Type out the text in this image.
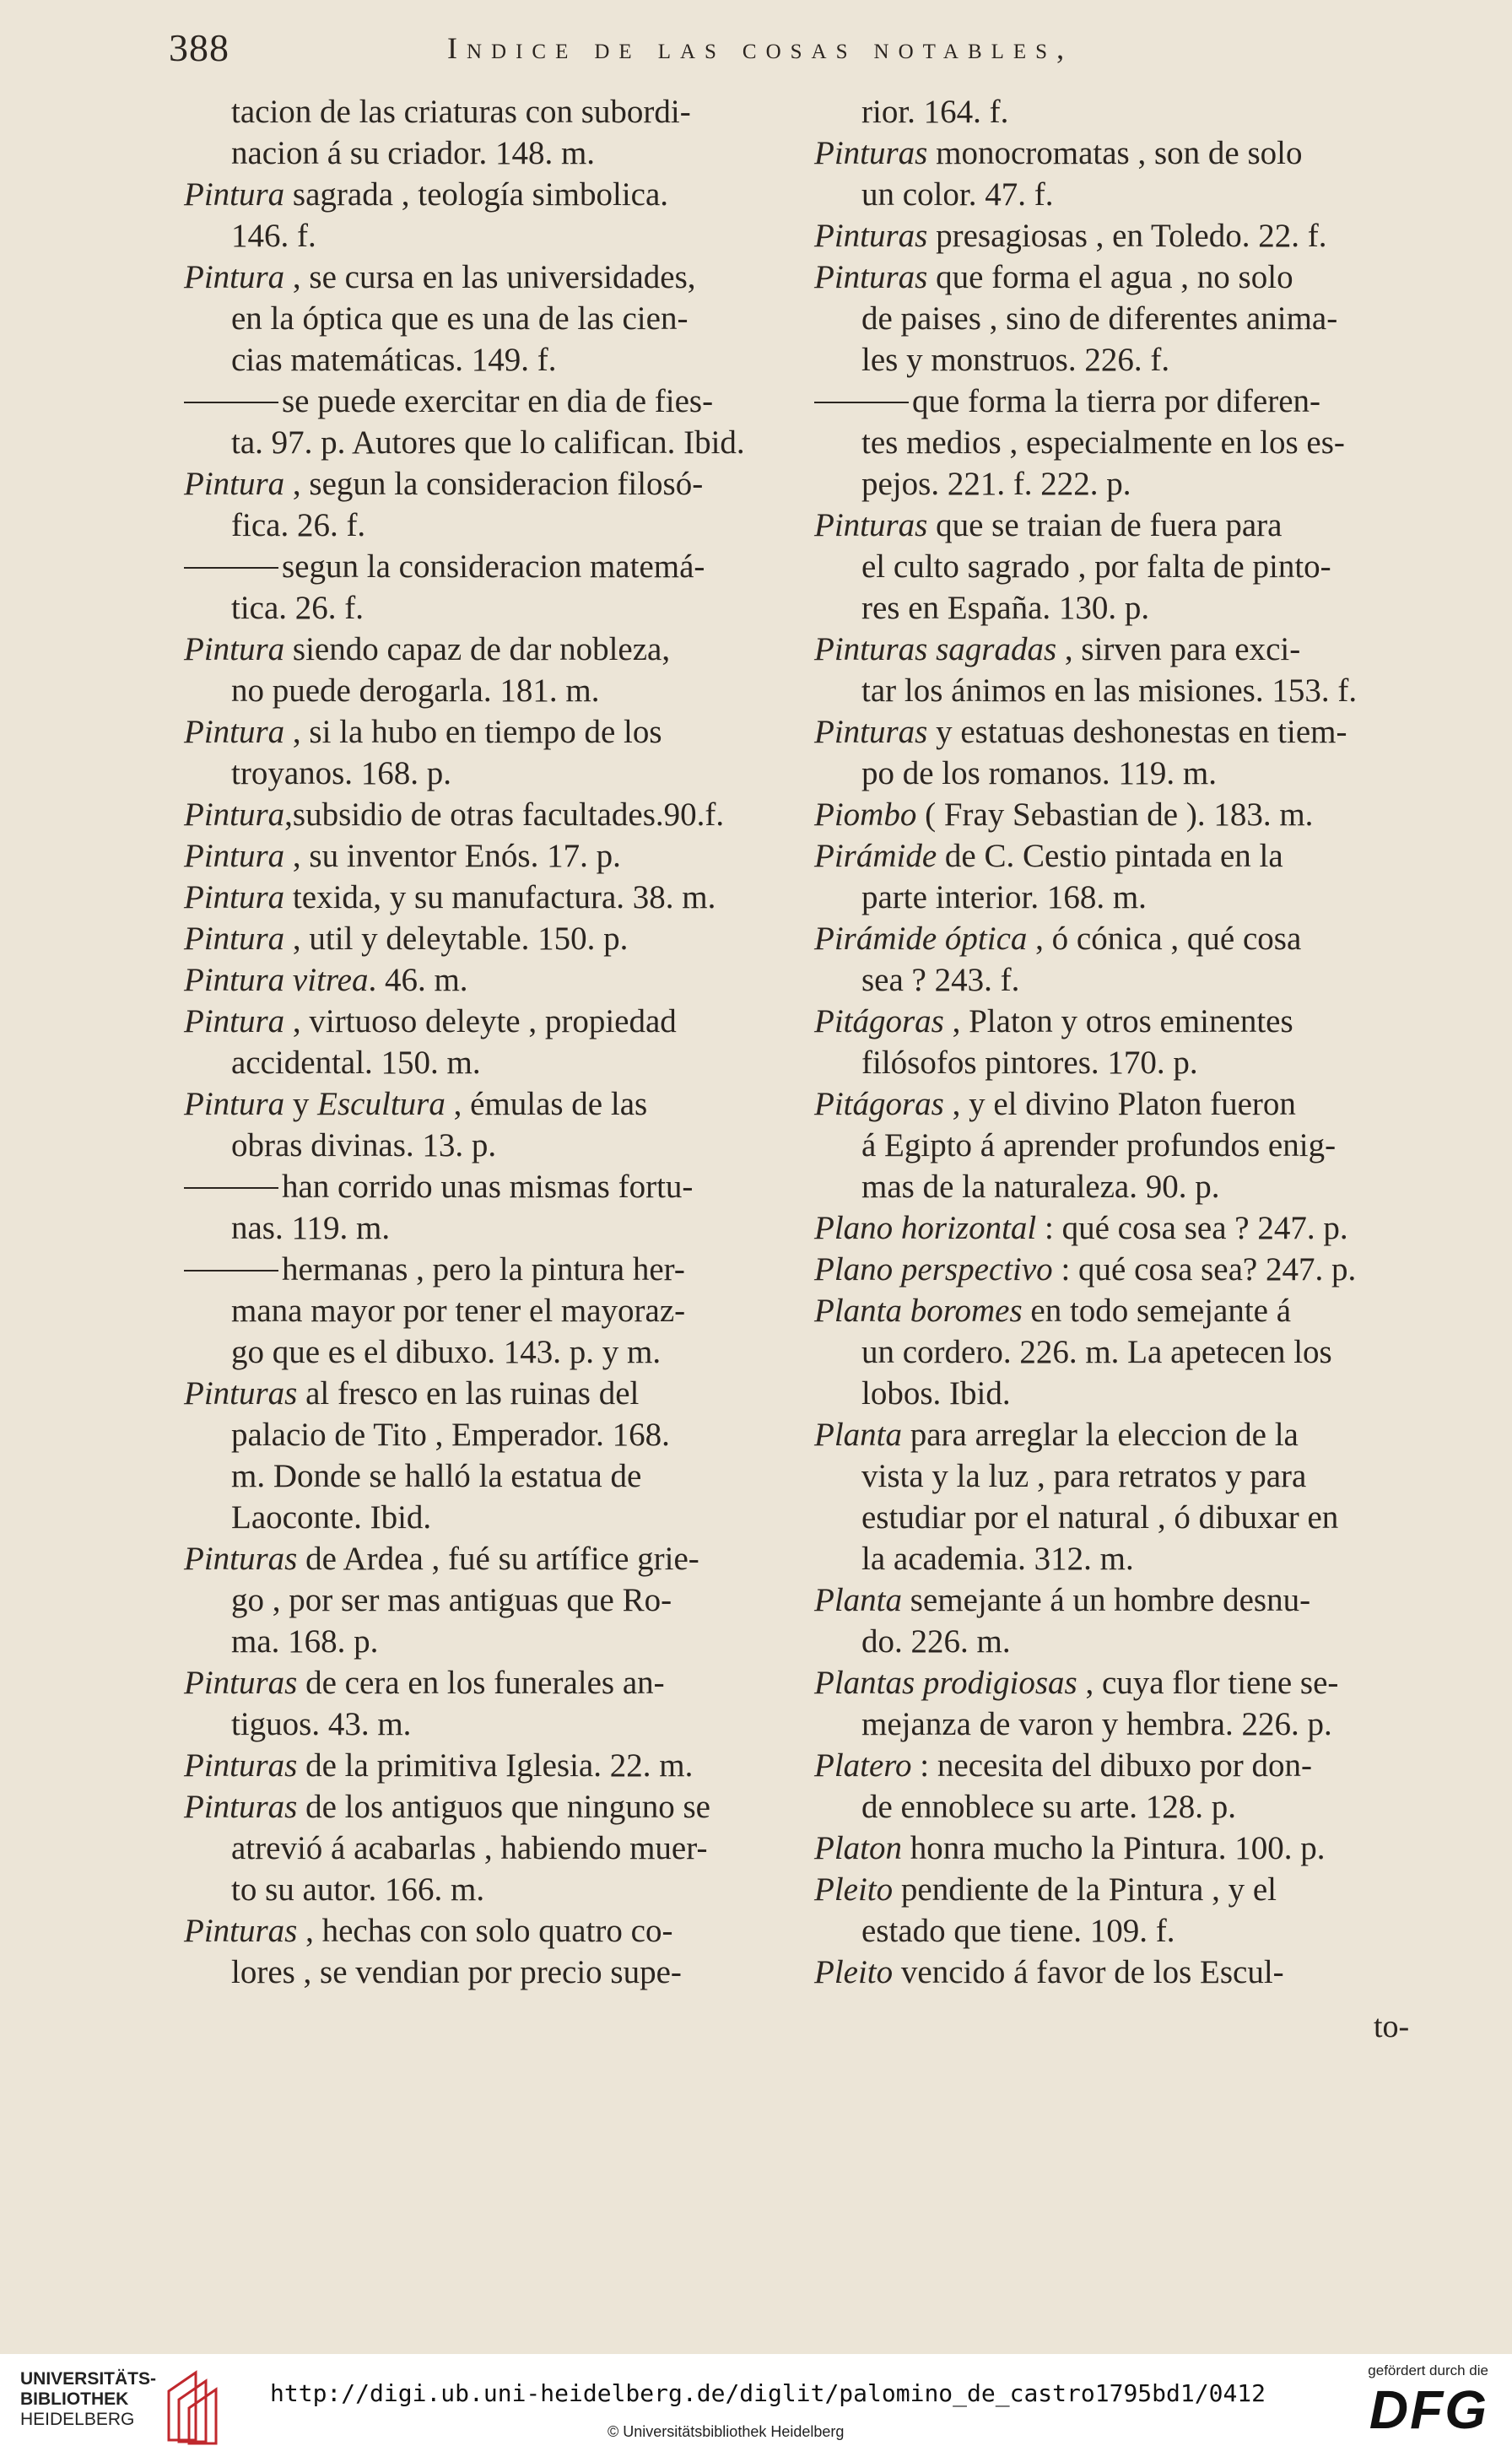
388	Indice de las cosas notables,
tacion de las criaturas con subordi-
nacion á su criador. 148. m.
Pintura sagrada , teología simbolica.
146. f.
Pintura , se cursa en las universidades,
en la óptica que es una de las cien-
cias matemáticas. 149. f.
se puede exercitar en dia de fies-
ta. 97. p. Autores que lo califican. Ibid.
Pintura , segun la consideracion filosó-
fica. 26. f.
segun la consideracion matemá-
tica. 26. f.
Pintura siendo capaz de dar nobleza,
no puede derogarla. 181. m.
Pintura , si la hubo en tiempo de los
troyanos. 168. p.
Pintura,subsidio de otras facultades.90.f.
Pintura , su inventor Enós. 17. p.
Pintura texida, y su manufactura. 38. m.
Pintura , util y deleytable. 150. p.
Pintura vitrea. 46. m.
Pintura , virtuoso deleyte , propiedad
accidental. 150. m.
Pintura y Escultura , émulas de las
obras divinas. 13. p.
han corrido unas mismas fortu-
nas. 119. m.
hermanas , pero la pintura her-
mana mayor por tener el mayoraz-
go que es el dibuxo. 143. p. y m.
Pinturas al fresco en las ruinas del
palacio de Tito , Emperador. 168.
m. Donde se halló la estatua de
Laoconte. Ibid.
Pinturas de Ardea , fué su artífice grie-
go , por ser mas antiguas que Ro-
ma. 168. p.
Pinturas de cera en los funerales an-
tiguos. 43. m.
Pinturas de la primitiva Iglesia. 22. m.
Pinturas de los antiguos que ninguno se
atrevió á acabarlas , habiendo muer-
to su autor. 166. m.
Pinturas , hechas con solo quatro co-
lores , se vendian por precio supe-
rior. 164. f.
Pinturas monocromatas , son de solo
un color. 47. f.
Pinturas presagiosas , en Toledo. 22. f.
Pinturas que forma el agua , no solo
de paises , sino de diferentes anima-
les y monstruos. 226. f.
que forma la tierra por diferen-
tes medios , especialmente en los es-
pejos. 221. f. 222. p.
Pinturas que se traian de fuera para
el culto sagrado , por falta de pinto-
res en España. 130. p.
Pinturas sagradas , sirven para exci-
tar los ánimos en las misiones. 153. f.
Pinturas y estatuas deshonestas en tiem-
po de los romanos. 119. m.
Piombo ( Fray Sebastian de ). 183. m.
Pirámide de C. Cestio pintada en la
parte interior. 168. m.
Pirámide óptica , ó cónica , qué cosa
sea ? 243. f.
Pitágoras , Platon y otros eminentes
filósofos pintores. 170. p.
Pitágoras , y el divino Platon fueron
á Egipto á aprender profundos enig-
mas de la naturaleza. 90. p.
Plano horizontal : qué cosa sea ? 247. p.
Plano perspectivo : qué cosa sea? 247. p.
Planta boromes en todo semejante á
un cordero. 226. m. La apetecen los
lobos. Ibid.
Planta para arreglar la eleccion de la
vista y la luz , para retratos y para
estudiar por el natural , ó dibuxar en
la academia. 312. m.
Planta semejante á un hombre desnu-
do. 226. m.
Plantas prodigiosas , cuya flor tiene se-
mejanza de varon y hembra. 226. p.
Platero : necesita del dibuxo por don-
de ennoblece su arte. 128. p.
Platon honra mucho la Pintura. 100. p.
Pleito pendiente de la Pintura , y el
estado que tiene. 109. f.
Pleito vencido á favor de los Escul-
to-
UNIVERSITÄTS-
BIBLIOTHEK
HEIDELBERG
http://digi.ub.uni-heidelberg.de/diglit/palomino_de_castro1795bd1/0412
© Universitätsbibliothek Heidelberg
gefördert durch die
DFG
